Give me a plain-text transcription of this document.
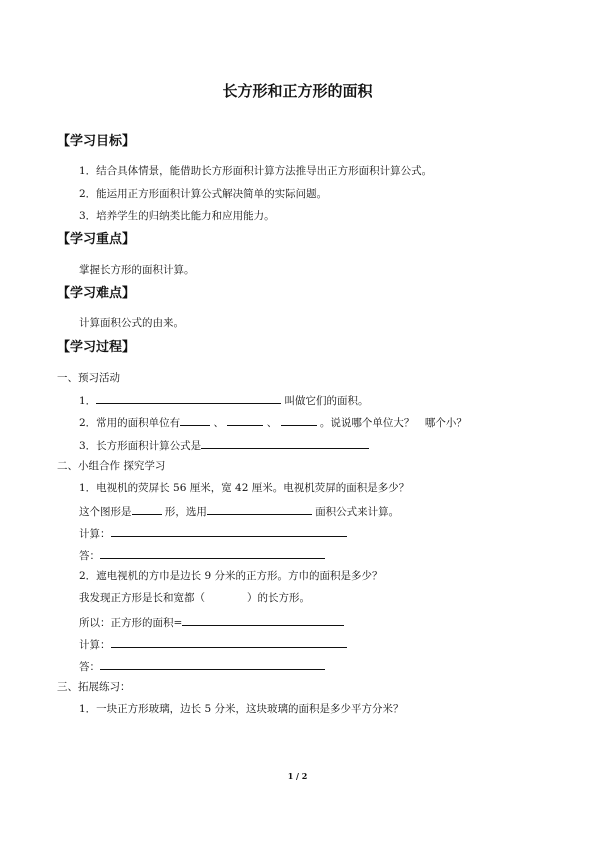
长方形和正方形的面积
【学习目标】
1．结合具体情景，能借助长方形面积计算方法推导出正方形面积计算公式。
2．能运用正方形面积计算公式解决简单的实际问题。
3．培养学生的归纳类比能力和应用能力。
【学习重点】
掌握长方形的面积计算。
【学习难点】
计算面积公式的由来。
【学习过程】
一、预习活动
1．	叫做它们的面积。
2．常用的面积单位有	、	、	。说说哪个单位大？　哪个小？
3．长方形面积计算公式是
二、小组合作 探究学习
1．电视机的荧屏长 56 厘米，宽 42 厘米。电视机荧屏的面积是多少？
这个图形是	形，选用	面积公式来计算。
计算：
答：
2．遮电视机的方巾是边长 9 分米的正方形。方巾的面积是多少？
我发现正方形是长和宽都（　　　　）的长方形。
所以：正方形的面积=
计算：
答：
三、拓展练习：
1．一块正方形玻璃，边长 5 分米，这块玻璃的面积是多少平方分米？
1 / 2
